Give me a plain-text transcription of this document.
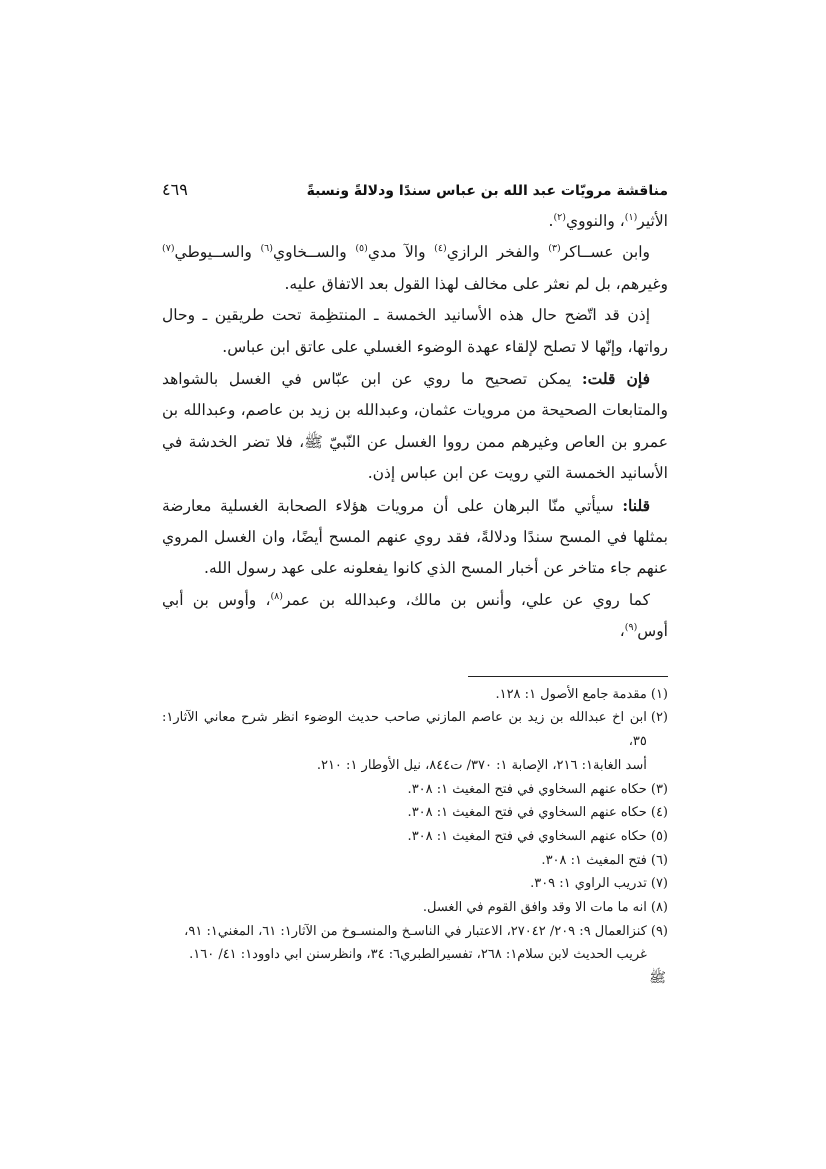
مناقشة مرويّات عبد الله بن عباس سندًا ودلالةً ونسبةً
٤٦٩

الأثير$^{(١)}$، والنووي$^{(٢)}$.

وابن عســاكر$^{(٣)}$ والفخر الرازي$^{(٤)}$ والآ مدي$^{(٥)}$ والســخاوي$^{(٦)}$ والســيوطي$^{(٧)}$ وغيرهم، بل لم نعثر على مخالف لهذا القول بعد الاتفاق عليه.

إذن قد اتّضح حال هذه الأسانيد الخمسة ـ المنتظِمة تحت طريقين ـ وحال رواتها، وإنّها لا تصلح لإلقاء عهدة الوضوء الغسلي على عاتق ابن عباس.

فإن قلت: يمكن تصحيح ما روي عن ابن عبّاس في الغسل بالشواهد والمتابعات الصحيحة من مرويات عثمان، وعبدالله بن زيد بن عاصم، وعبدالله بن عمرو بن العاص وغيرهم ممن رووا الغسل عن النّبيّ ﷺ، فلا تضر الخدشة في الأسانيد الخمسة التي رويت عن ابن عباس إذن.

قلنا: سيأتي منّا البرهان على أن مرويات هؤلاء الصحابة الغسلية معارضة بمثلها في المسح سندًا ودلالةً، فقد روي عنهم المسح أيضًا، وان الغسل المروي عنهم جاء متاخر عن أخبار المسح الذي كانوا يفعلونه على عهد رسول الله.

كما روي عن علي، وأنس بن مالك، وعبدالله بن عمر$^{(٨)}$، وأوس بن أبي أوس$^{(٩)}$،

(١)
مقدمة جامع الأصول ١: ١٢٨.
(٢)
ابن اخ عبدالله بن زيد بن عاصم المازني صاحب حديث الوضوء انظر شرح معاني الآثار١: ٣٥،
أسد الغابة١: ٢١٦، الإصابة ١: ٣٧٠/ ت٨٤٤، نيل الأوطار ١: ٢١٠.
(٣)
حكاه عنهم السخاوي في فتح المغيث ١: ٣٠٨.
(٤)
حكاه عنهم السخاوي في فتح المغيث ١: ٣٠٨.
(٥)
حكاه عنهم السخاوي في فتح المغيث ١: ٣٠٨.
(٦)
فتح المغيث ١: ٣٠٨.
(٧)
تدريب الراوي ١: ٣٠٩.
(٨)
انه ما مات الا وقد وافق القوم في الغسل.
(٩)
كنزالعمال ٩: ٢٠٩/ ٢٧٠٤٢، الاعتبار في الناسـخ والمنسـوخ من الآثار١: ٦١، المغني١: ٩١،
غريب الحديث لابن سلام١: ٢٦٨، تفسيرالطبري٦: ٣٤، وانظرسنن ابي داوود١: ٤١/ ١٦٠.
ﷺ
